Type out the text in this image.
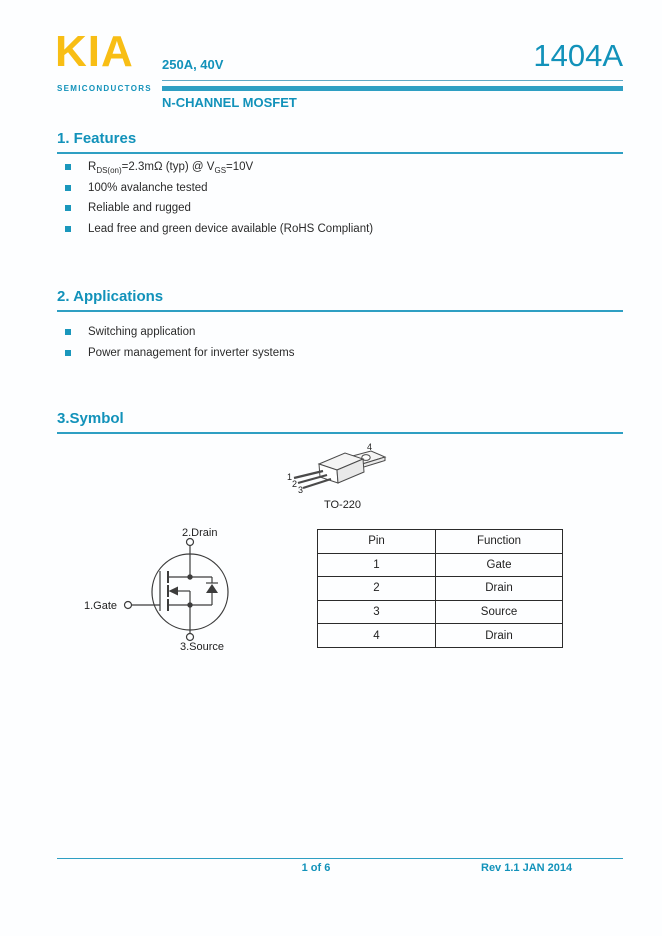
KIA
SEMICONDUCTORS

250A, 40V

N-CHANNEL MOSFET

1404A
1. Features
$R_{DS(on)}=2.3m\Omega$ (typ) @ $V_{GS}=10V$
100% avalanche tested
Reliable and rugged
Lead free and green device available (RoHS Compliant)
2. Applications
Switching application
Power management for inverter systems
3.Symbol
1
2
3
4
TO-220
2.Drain
1.Gate
3.Source
Pin	Function
1	Gate
2	Drain
3	Source
4	Drain
1 of 6	Rev 1.1 JAN 2014
